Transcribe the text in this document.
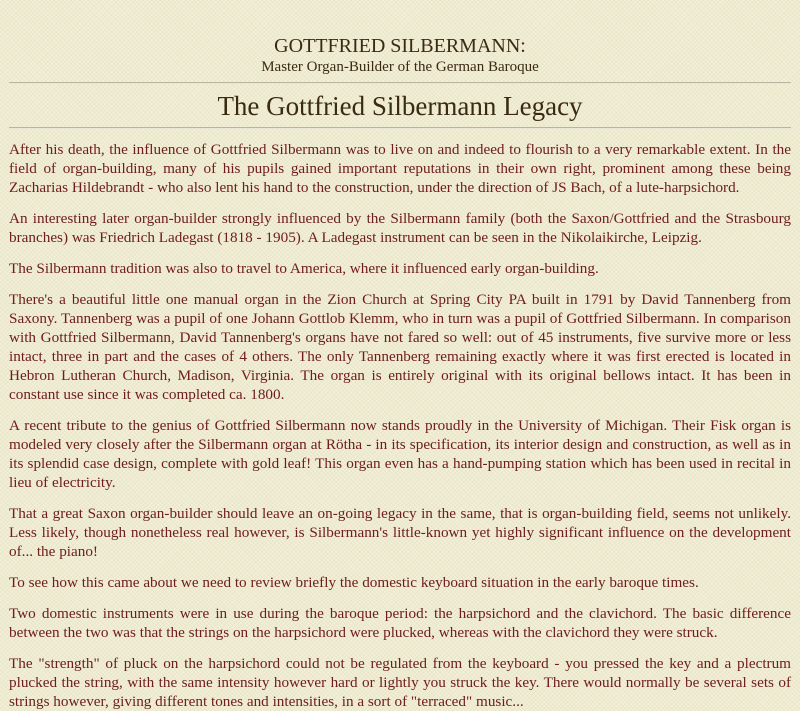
GOTTFRIED SILBERMANN:
Master Organ-Builder of the German Baroque
The Gottfried Silbermann Legacy

After his death, the influence of Gottfried Silbermann was to live on and indeed to flourish to a very remarkable extent. In the field of organ-building, many of his pupils gained important reputations in their own right, prominent among these being Zacharias Hildebrandt - who also lent his hand to the construction, under the direction of JS Bach, of a lute-harpsichord.

An interesting later organ-builder strongly influenced by the Silbermann family (both the Saxon/Gottfried and the Strasbourg branches) was Friedrich Ladegast (1818 - 1905). A Ladegast instrument can be seen in the Nikolaikirche, Leipzig.

The Silbermann tradition was also to travel to America, where it influenced early organ-building.

There's a beautiful little one manual organ in the Zion Church at Spring City PA built in 1791 by David Tannenberg from Saxony. Tannenberg was a pupil of one Johann Gottlob Klemm, who in turn was a pupil of Gottfried Silbermann. In comparison with Gottfried Silbermann, David Tannenberg's organs have not fared so well: out of 45 instruments, five survive more or less intact, three in part and the cases of 4 others. The only Tannenberg remaining exactly where it was first erected is located in Hebron Lutheran Church, Madison, Virginia. The organ is entirely original with its original bellows intact. It has been in constant use since it was completed ca. 1800.

A recent tribute to the genius of Gottfried Silbermann now stands proudly in the University of Michigan. Their Fisk organ is modeled very closely after the Silbermann organ at Rötha - in its specification, its interior design and construction, as well as in its splendid case design, complete with gold leaf! This organ even has a hand-pumping station which has been used in recital in lieu of electricity.

That a great Saxon organ-builder should leave an on-going legacy in the same, that is organ-building field, seems not unlikely. Less likely, though nonetheless real however, is Silbermann's little-known yet highly significant influence on the development of... the piano!

To see how this came about we need to review briefly the domestic keyboard situation in the early baroque times.

Two domestic instruments were in use during the baroque period: the harpsichord and the clavichord. The basic difference between the two was that the strings on the harpsichord were plucked, whereas with the clavichord they were struck.

The "strength" of pluck on the harpsichord could not be regulated from the keyboard - you pressed the key and a plectrum plucked the string, with the same intensity however hard or lightly you struck the key. There would normally be several sets of strings however, giving different tones and intensities, in a sort of "terraced" music...
